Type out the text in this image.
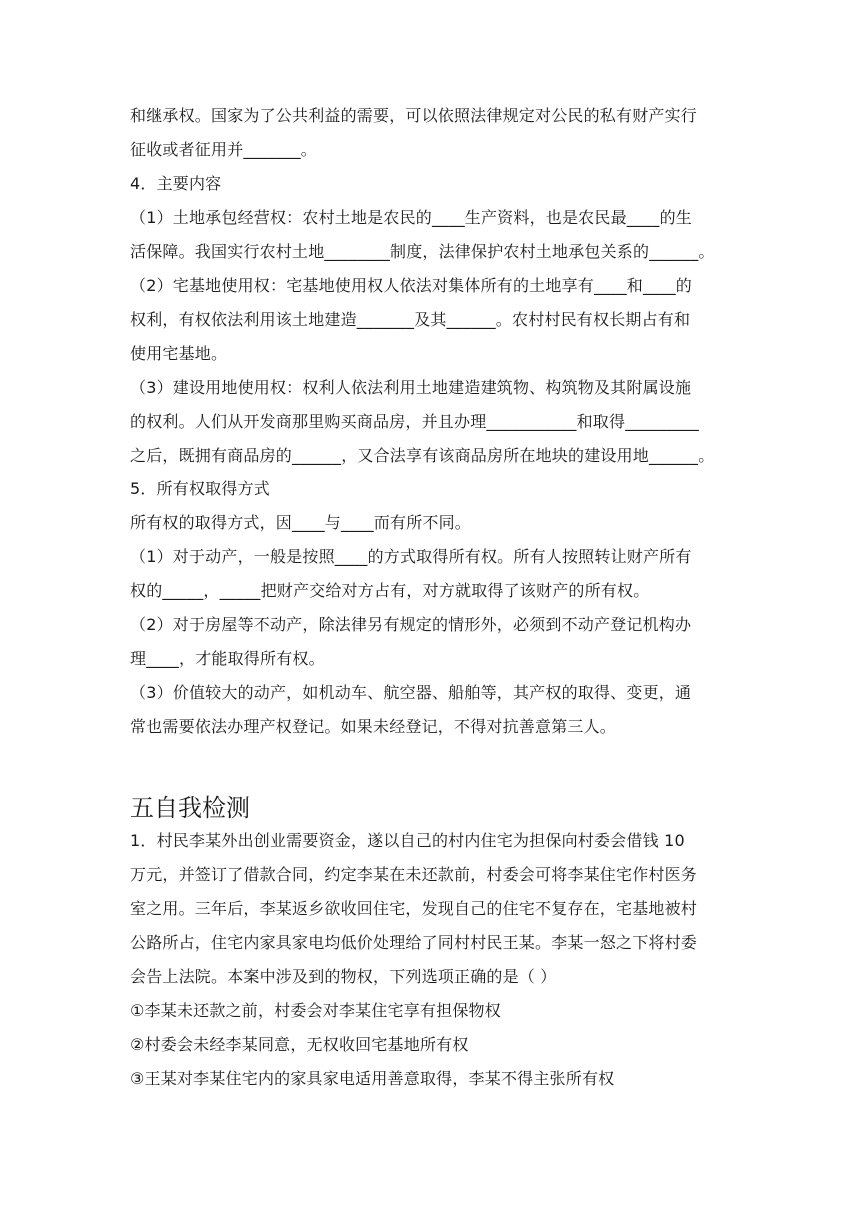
和继承权。国家为了公共利益的需要，可以依照法律规定对公民的私有财产实行
征收或者征用并_______。
4．主要内容
（1）土地承包经营权：农村土地是农民的____生产资料，也是农民最____的生
活保障。我国实行农村土地________制度，法律保护农村土地承包关系的______。
（2）宅基地使用权：宅基地使用权人依法对集体所有的土地享有____和____的
权利，有权依法利用该土地建造_______及其______。农村村民有权长期占有和
使用宅基地。
（3）建设用地使用权：权利人依法利用土地建造建筑物、构筑物及其附属设施
的权利。人们从开发商那里购买商品房，并且办理___________和取得_________
之后，既拥有商品房的______，又合法享有该商品房所在地块的建设用地______。
5．所有权取得方式
所有权的取得方式，因____与____而有所不同。
（1）对于动产，一般是按照____的方式取得所有权。所有人按照转让财产所有
权的_____，_____把财产交给对方占有，对方就取得了该财产的所有权。
（2）对于房屋等不动产，除法律另有规定的情形外，必须到不动产登记机构办
理____，才能取得所有权。
（3）价值较大的动产，如机动车、航空器、船舶等，其产权的取得、变更，通
常也需要依法办理产权登记。如果未经登记，不得对抗善意第三人。
五自我检测
1．村民李某外出创业需要资金，遂以自己的村内住宅为担保向村委会借钱 10
万元，并签订了借款合同，约定李某在未还款前，村委会可将李某住宅作村医务
室之用。三年后，李某返乡欲收回住宅，发现自己的住宅不复存在，宅基地被村
公路所占，住宅内家具家电均低价处理给了同村村民王某。李某一怒之下将村委
会告上法院。本案中涉及到的物权，下列选项正确的是（ ）
①李某未还款之前，村委会对李某住宅享有担保物权
②村委会未经李某同意，无权收回宅基地所有权
③王某对李某住宅内的家具家电适用善意取得，李某不得主张所有权
